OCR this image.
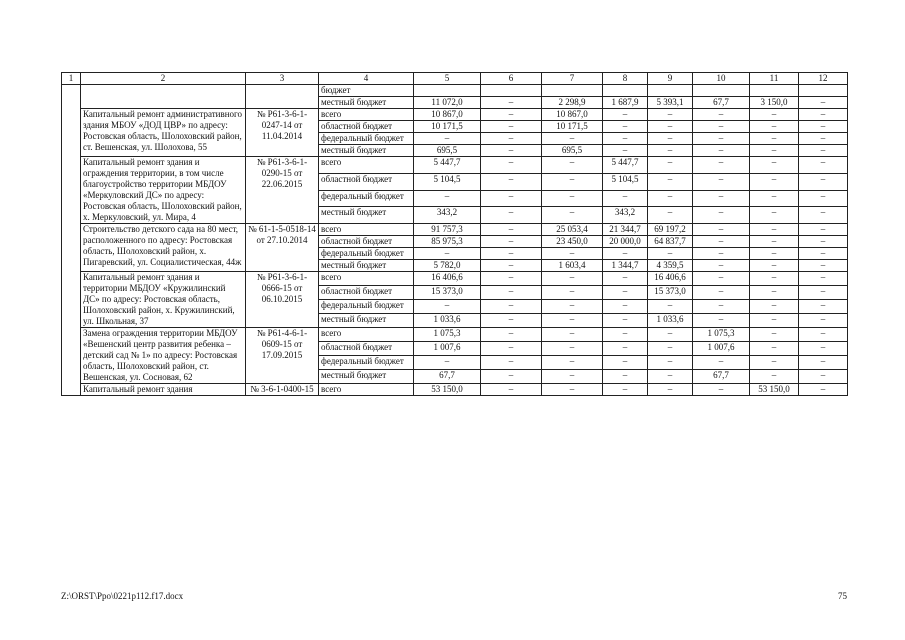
1	2	3	4	5	6	7	8	9	10	11	12
			бюджет								
			местный бюджет	11 072,0	–	2 298,9	1 687,9	5 393,1	67,7	3 150,0	–
	Капитальный ремонт административного здания МБОУ «ДОД ЦВР» по адресу: Ростовская область, Шолоховский район, ст. Вешенская, ул. Шолохова, 55	№ Р61-3-6-1-0247-14 от 11.04.2014	всего	10 867,0	–	10 867,0	–	–	–	–	–
			областной бюджет	10 171,5	–	10 171,5	–	–	–	–	–
			федеральный бюджет	–	–	–	–	–	–	–	–
			местный бюджет	695,5	–	695,5	–	–	–	–	–
	Капитальный ремонт здания и ограждения территории, в том числе благоустройство территории МБДОУ «Меркуловский ДС» по адресу: Ростовская область, Шолоховский район, х. Меркуловский, ул. Мира, 4	№ Р61-3-6-1-0290-15 от 22.06.2015	всего	5 447,7	–	–	5 447,7	–	–	–	–
			областной бюджет	5 104,5	–	–	5 104,5	–	–	–	–
			федеральный бюджет	–	–	–	–	–	–	–	–
			местный бюджет	343,2	–	–	343,2	–	–	–	–
	Строительство детского сада на 80 мест, расположенного по адресу: Ростовская область, Шолоховский район, х. Пигаревский, ул. Социалистическая, 44ж	№ 61-1-5-0518-14 от 27.10.2014	всего	91 757,3	–	25 053,4	21 344,7	69 197,2	–	–	–
			областной бюджет	85 975,3	–	23 450,0	20 000,0	64 837,7	–	–	–
			федеральный бюджет	–	–	–	–	–	–	–	–
			местный бюджет	5 782,0	–	1 603,4	1 344,7	4 359,5	–	–	–
	Капитальный ремонт здания и территории МБДОУ «Кружилинский ДС» по адресу: Ростовская область, Шолоховский район, х. Кружилинский, ул. Школьная, 37	№ Р61-3-6-1-0666-15 от 06.10.2015	всего	16 406,6	–	–	–	16 406,6	–	–	–
			областной бюджет	15 373,0	–	–	–	15 373,0	–	–	–
			федеральный бюджет	–	–	–	–	–	–	–	–
			местный бюджет	1 033,6	–	–	–	1 033,6	–	–	–
	Замена ограждения территории МБДОУ «Вешенский центр развития ребенка – детский сад № 1» по адресу: Ростовская область, Шолоховский район, ст. Вешенская, ул. Сосновая, 62	№ Р61-4-6-1-0609-15 от 17.09.2015	всего	1 075,3	–	–	–	–	1 075,3	–	–
			областной бюджет	1 007,6	–	–	–	–	1 007,6	–	–
			федеральный бюджет	–	–	–	–	–	–	–	–
			местный бюджет	67,7	–	–	–	–	67,7	–	–
	Капитальный ремонт здания	№ 3-6-1-0400-15	всего	53 150,0	–	–	–	–	–	53 150,0	–
Z:\ORST\Ppo\0221p112.f17.docx	75
